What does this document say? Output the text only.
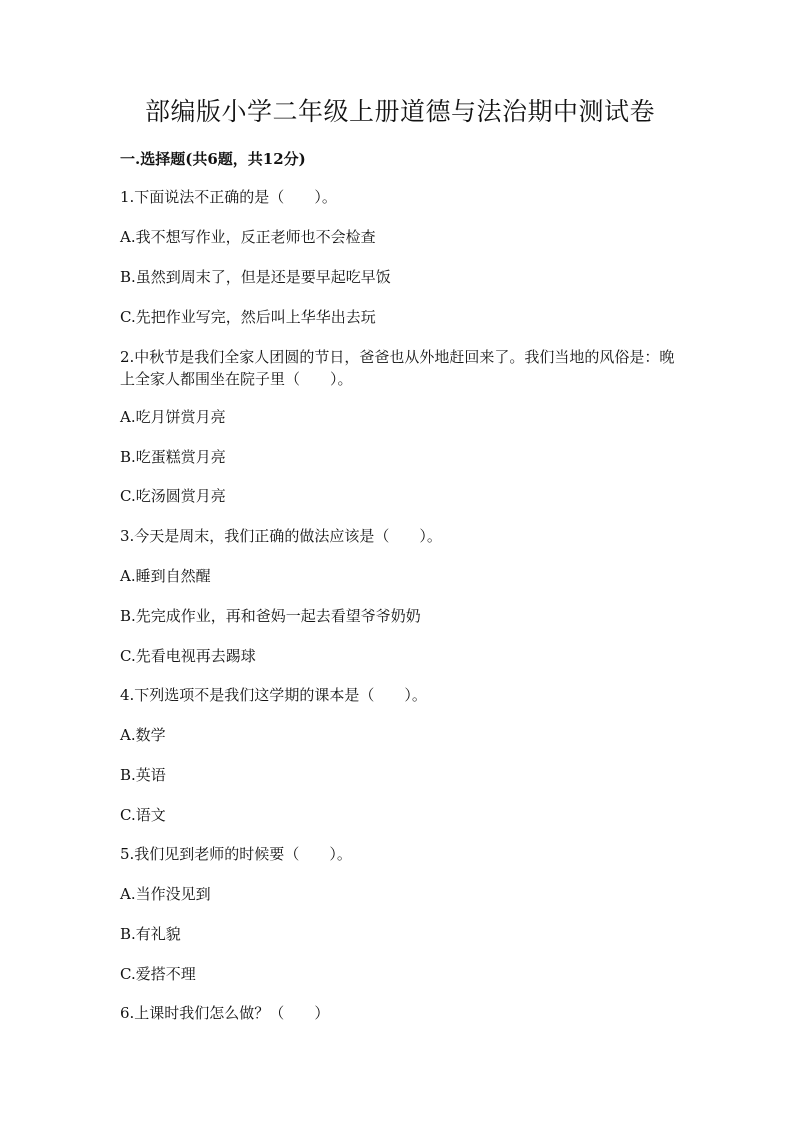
部编版小学二年级上册道德与法治期中测试卷
一.选择题(共6题，共12分)
1.下面说法不正确的是（　　）。
A.我不想写作业，反正老师也不会检查
B.虽然到周末了，但是还是要早起吃早饭
C.先把作业写完，然后叫上华华出去玩
2.中秋节是我们全家人团圆的节日，爸爸也从外地赶回来了。我们当地的风俗是：晚上全家人都围坐在院子里（　　）。
A.吃月饼赏月亮
B.吃蛋糕赏月亮
C.吃汤圆赏月亮
3.今天是周末，我们正确的做法应该是（　　）。
A.睡到自然醒
B.先完成作业，再和爸妈一起去看望爷爷奶奶
C.先看电视再去踢球
4.下列选项不是我们这学期的课本是（　　）。
A.数学
B.英语
C.语文
5.我们见到老师的时候要（　　）。
A.当作没见到
B.有礼貌
C.爱搭不理
6.上课时我们怎么做？（　　）
